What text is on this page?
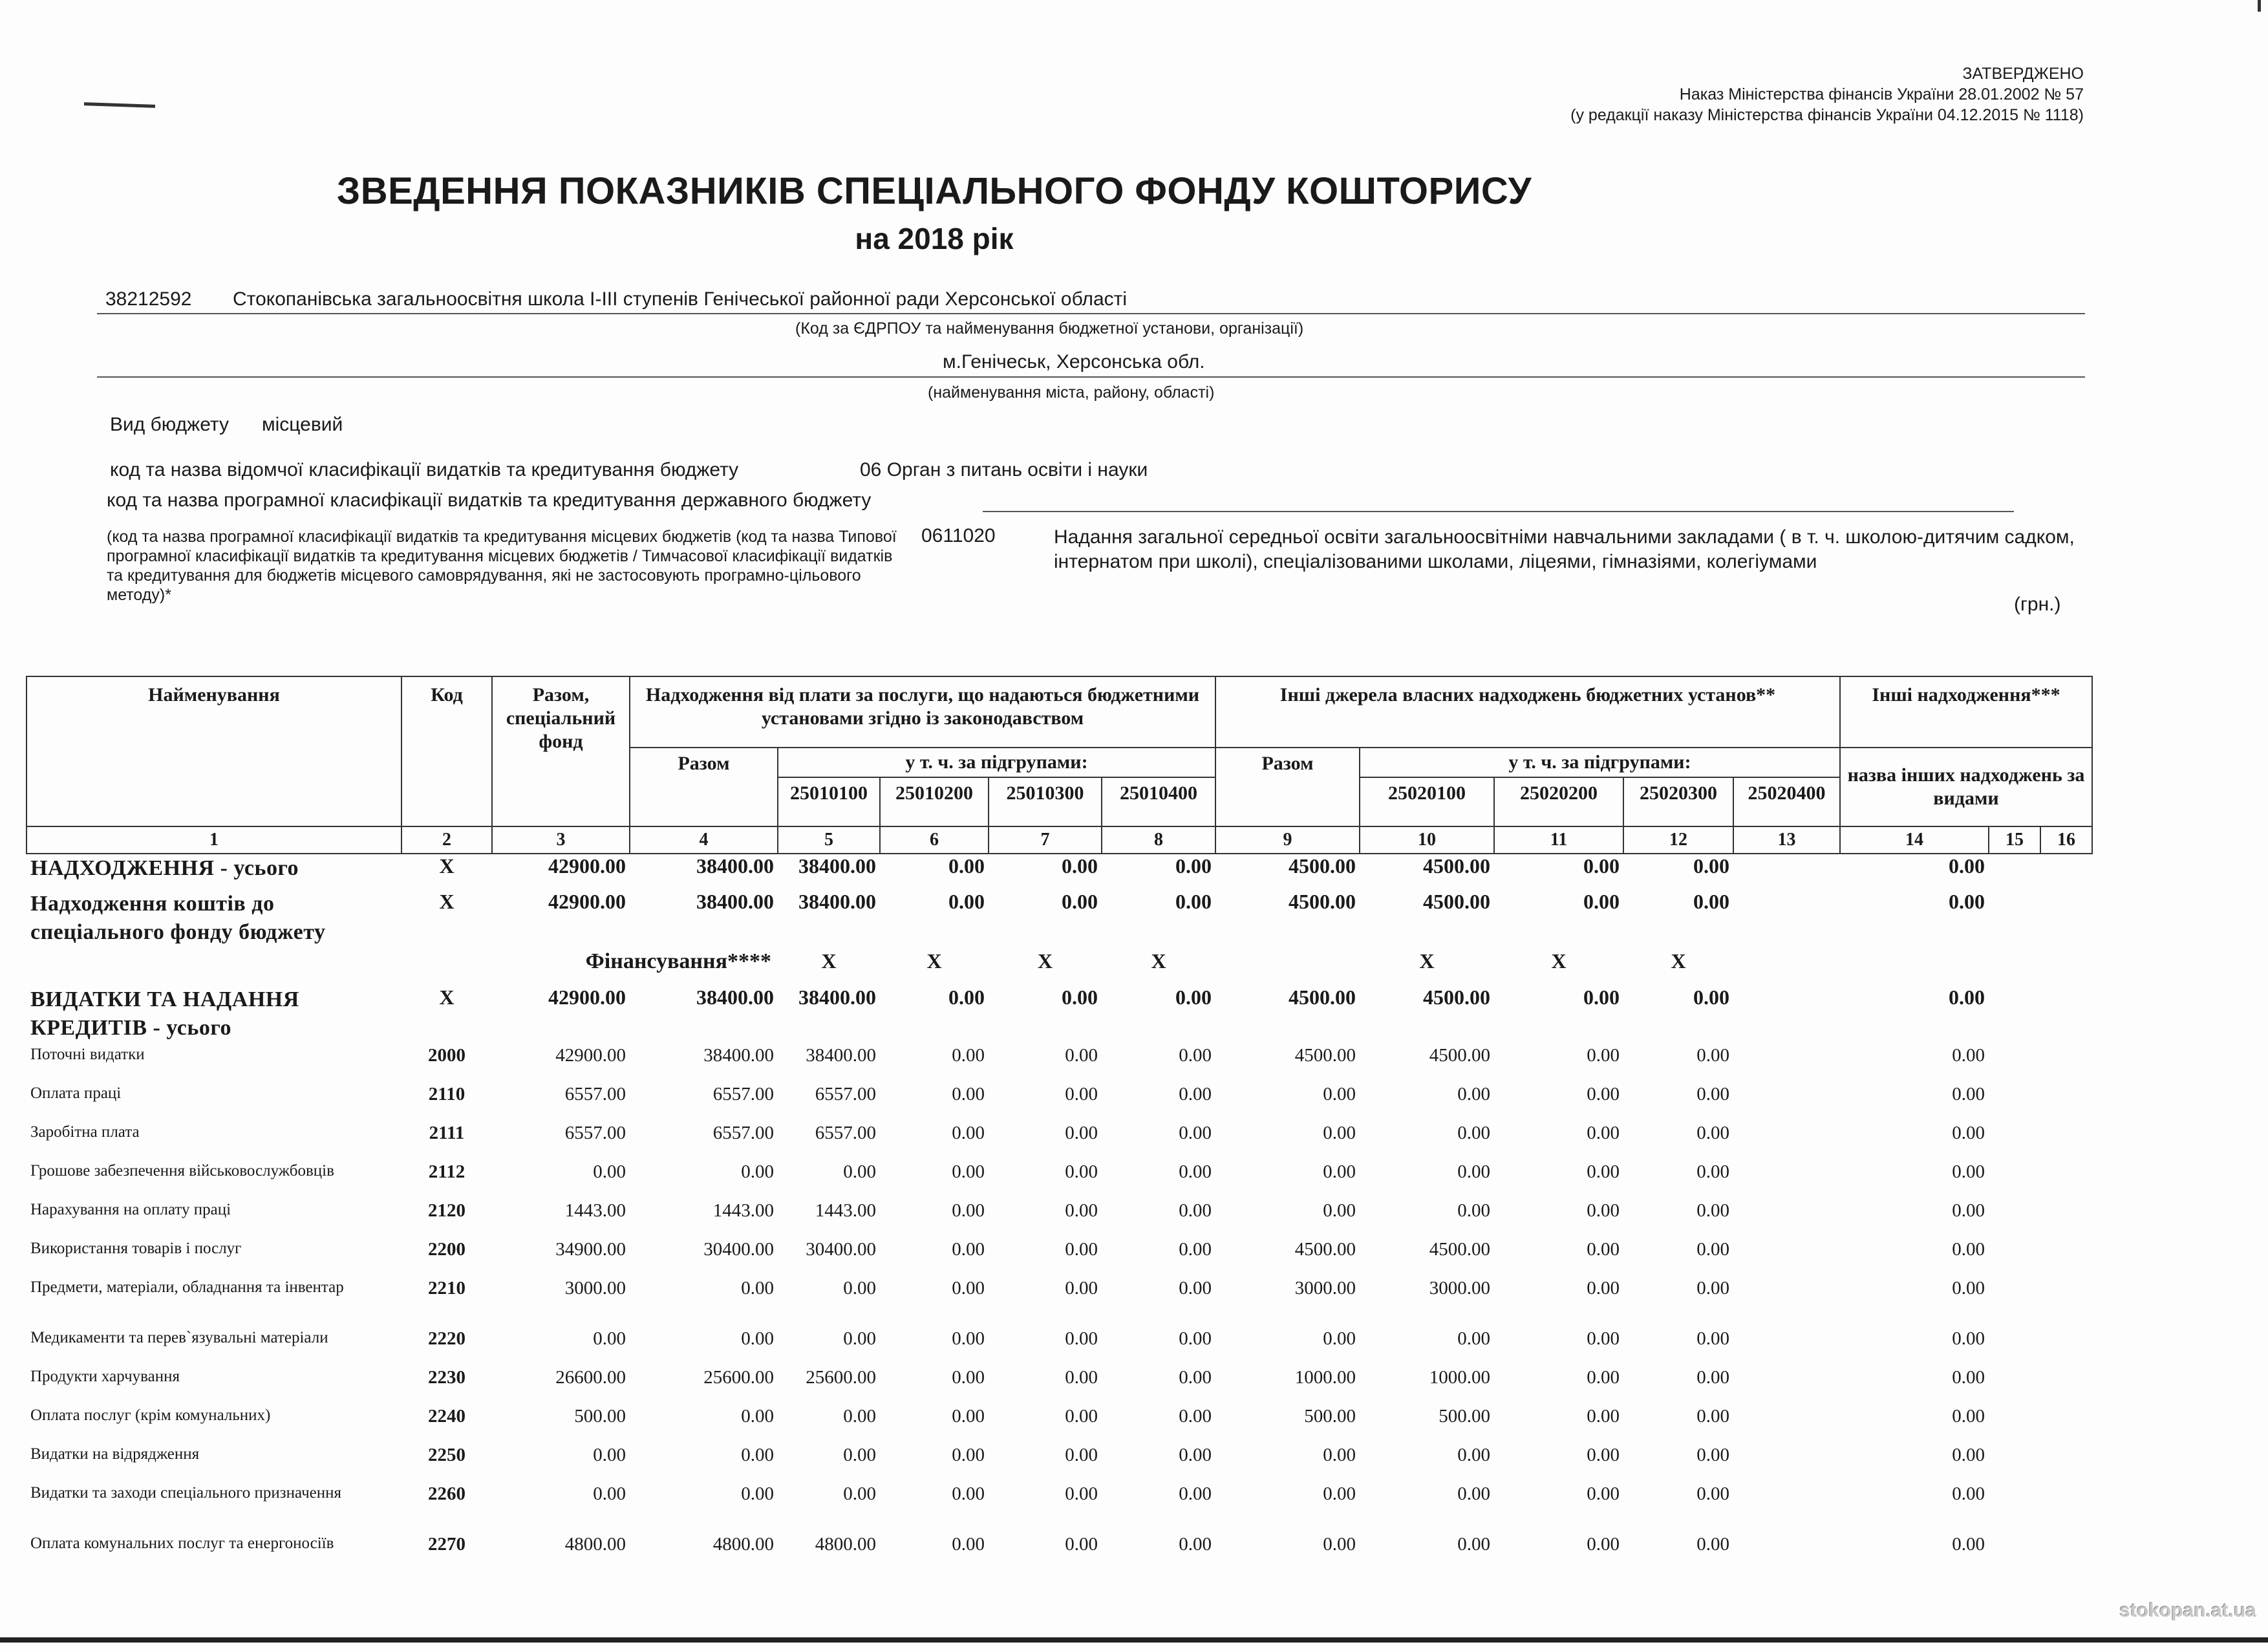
ЗАТВЕРДЖЕНО
Наказ Міністерства фінансів України 28.01.2002 № 57
(у редакції наказу Міністерства фінансів України 04.12.2015 № 1118)
ЗВЕДЕННЯ ПОКАЗНИКІВ СПЕЦІАЛЬНОГО ФОНДУ КОШТОРИСУ
на 2018 рік
38212592 Стокопанівська загальноосвітня школа І-ІІІ ступенів Генічеської районної ради Херсонської області
(Код за ЄДРПОУ та найменування бюджетної установи, організації)
м.Генічеськ, Херсонська обл.
(найменування міста, району, області)
Вид бюджету місцевий
код та назва відомчої класифікації видатків та кредитування бюджету	06 Орган з питань освіти і науки
код та назва програмної класифікації видатків та кредитування державного бюджету
(код та назва програмної класифікації видатків та кредитування місцевих бюджетів (код та назва Типової програмної класифікації видатків та кредитування місцевих бюджетів / Тимчасової класифікації видатків та кредитування для бюджетів місцевого самоврядування, які не застосовують програмно-цільового методу)*
0611020	Надання загальної середньої освіти загальноосвітніми навчальними закладами ( в т. ч. школою-дитячим садком, інтернатом при школі), спеціалізованими школами, ліцеями, гімназіями, колегіумами
(грн.)
Найменування	Код	Разом, спеціальний фонд	Надходження від плати за послуги, що надаються бюджетними установами згідно із законодавством					Інші джерела власних надходжень бюджетних установ**					Інші надходження***		
			Разом	у т. ч. за підгрупами:				Разом	у т. ч. за підгрупами:				назва інших надходжень за видами		
				25010100	25010200	25010300	25010400		25020100	25020200	25020300	25020400			
1	2	3	4	5	6	7	8	9	10	11	12	13	14	15	16
НАДХОДЖЕННЯ - усього	Х	42900.00	38400.00	38400.00	0.00	0.00	0.00	4500.00	4500.00	0.00	0.00		0.00		
Надходження коштів до спеціального фонду бюджету	Х	42900.00	38400.00	38400.00	0.00	0.00	0.00	4500.00	4500.00	0.00	0.00		0.00		
Фінансування****				Х	Х	Х	Х		Х	Х	Х				
ВИДАТКИ ТА НАДАННЯ КРЕДИТІВ - усього	Х	42900.00	38400.00	38400.00	0.00	0.00	0.00	4500.00	4500.00	0.00	0.00		0.00		
Поточні видатки	2000	42900.00	38400.00	38400.00	0.00	0.00	0.00	4500.00	4500.00	0.00	0.00		0.00		
Оплата праці	2110	6557.00	6557.00	6557.00	0.00	0.00	0.00	0.00	0.00	0.00	0.00		0.00		
Заробітна плата	2111	6557.00	6557.00	6557.00	0.00	0.00	0.00	0.00	0.00	0.00	0.00		0.00		
Грошове забезпечення військовослужбовців	2112	0.00	0.00	0.00	0.00	0.00	0.00	0.00	0.00	0.00	0.00		0.00		
Нарахування на оплату праці	2120	1443.00	1443.00	1443.00	0.00	0.00	0.00	0.00	0.00	0.00	0.00		0.00		
Використання товарів і послуг	2200	34900.00	30400.00	30400.00	0.00	0.00	0.00	4500.00	4500.00	0.00	0.00		0.00		
Предмети, матеріали, обладнання та інвентар	2210	3000.00	0.00	0.00	0.00	0.00	0.00	3000.00	3000.00	0.00	0.00		0.00		
Медикаменти та перев`язувальні матеріали	2220	0.00	0.00	0.00	0.00	0.00	0.00	0.00	0.00	0.00	0.00		0.00		
Продукти харчування	2230	26600.00	25600.00	25600.00	0.00	0.00	0.00	1000.00	1000.00	0.00	0.00		0.00		
Оплата послуг (крім комунальних)	2240	500.00	0.00	0.00	0.00	0.00	0.00	500.00	500.00	0.00	0.00		0.00		
Видатки на відрядження	2250	0.00	0.00	0.00	0.00	0.00	0.00	0.00	0.00	0.00	0.00		0.00		
Видатки та заходи спеціального призначення	2260	0.00	0.00	0.00	0.00	0.00	0.00	0.00	0.00	0.00	0.00		0.00		
Оплата комунальних послуг та енергоносіїв	2270	4800.00	4800.00	4800.00	0.00	0.00	0.00	0.00	0.00	0.00	0.00		0.00		
stokopan.at.ua
